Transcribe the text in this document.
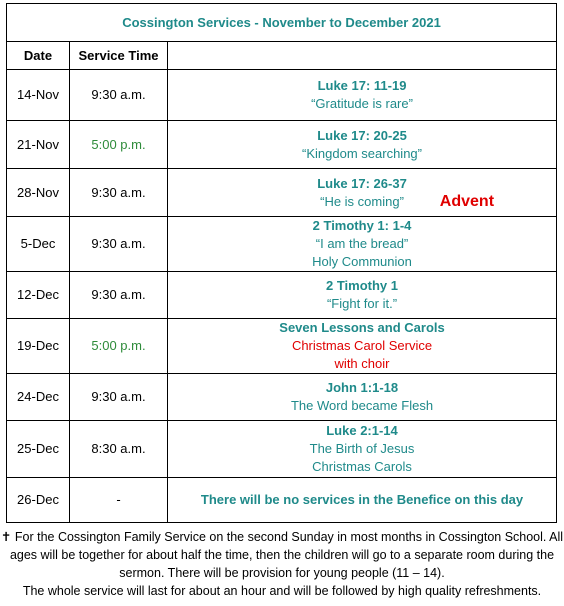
Cossington Services - November to December 2021		
Date	Service Time	
14-Nov	9:30 a.m.	Luke 17: 11-19
“Gratitude is rare”

21-Nov	5:00 p.m.	Luke 17: 20-25
“Kingdom searching”

28-Nov	9:30 a.m.	Luke 17: 26-37
“He is coming” Advent

5-Dec	9:30 a.m.	2 Timothy 1: 1-4
“I am the bread”
Holy Communion

12-Dec	9:30 a.m.	2 Timothy 1
“Fight for it.”

19-Dec	5:00 p.m.	Seven Lessons and Carols
Christmas Carol Service
with choir

24-Dec	9:30 a.m.	John 1:1-18
The Word became Flesh

25-Dec	8:30 a.m.	Luke 2:1-14
The Birth of Jesus
Christmas Carols

26-Dec	-	There will be no services in the Benefice on this day

✝ For the Cossington Family Service on the second Sunday in most months in Cossington School. All

ages will be together for about half the time, then the children will go to a separate room during the

sermon. There will be provision for young people (11 – 14).

The whole service will last for about an hour and will be followed by high quality refreshments.
